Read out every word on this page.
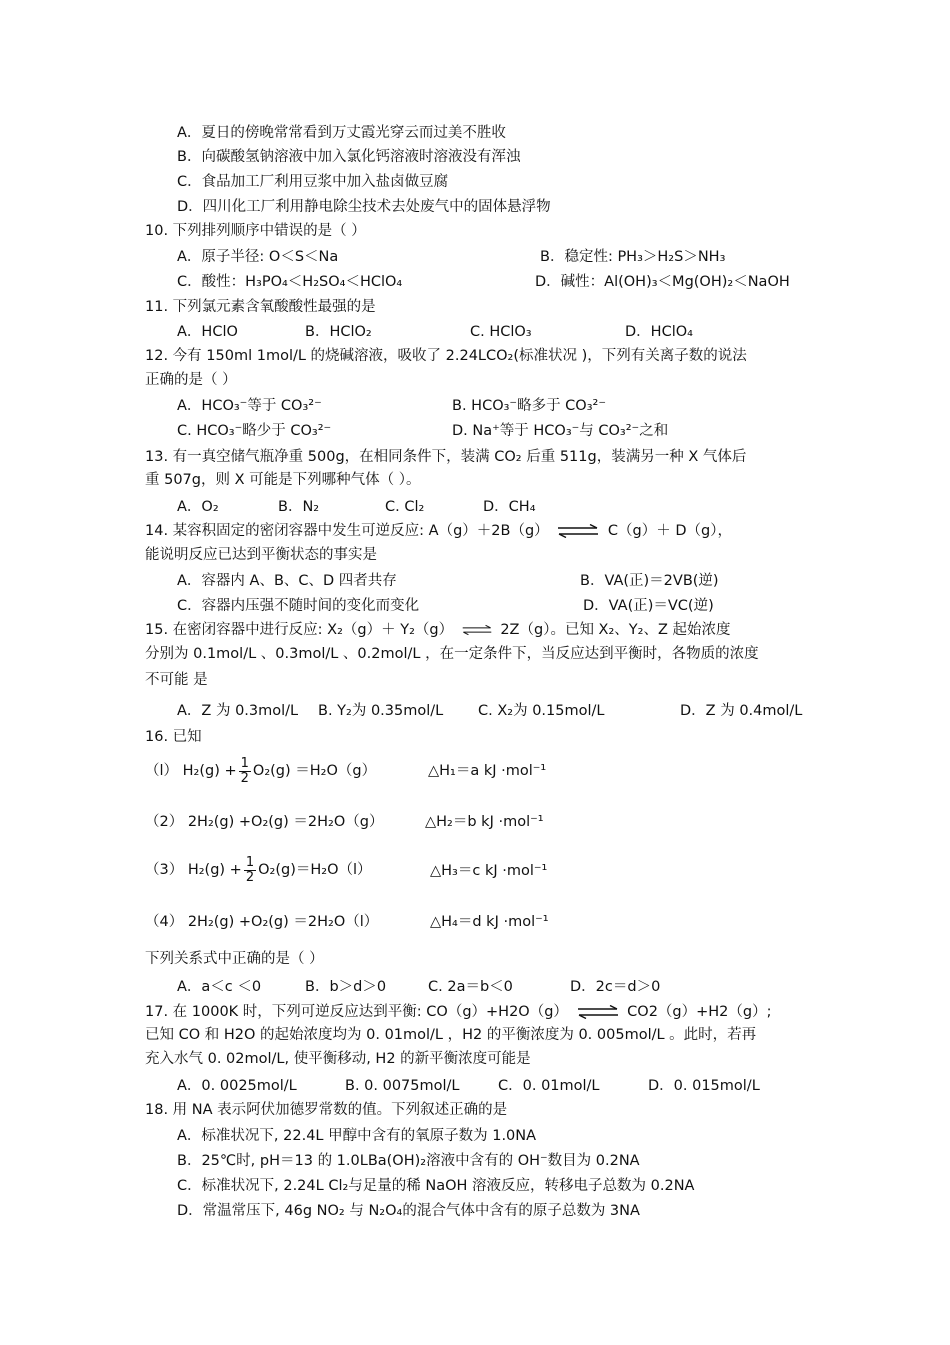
A．夏日的傍晚常常看到万丈霞光穿云而过美不胜收
B．向碳酸氢钠溶液中加入氯化钙溶液时溶液没有浑浊
C．食品加工厂利用豆浆中加入盐卤做豆腐
D．四川化工厂利用静电除尘技术去处废气中的固体悬浮物
10. 下列排列顺序中错误的是（ ）
A．原子半径: O＜S＜Na	B．稳定性: PH₃＞H₂S＞NH₃
C．酸性：H₃PO₄＜H₂SO₄＜HClO₄	D．碱性：Al(OH)₃＜Mg(OH)₂＜NaOH
11. 下列氯元素含氧酸酸性最强的是
A．HClO	B．HClO₂	C. HClO₃	D．HClO₄
12. 今有 150ml 1mol/L 的烧碱溶液，吸收了 2.24LCO₂(标准状况 )，下列有关离子数的说法
正确的是（ ）
A．HCO₃⁻等于 CO₃²⁻	B. HCO₃⁻略多于 CO₃²⁻
C. HCO₃⁻略少于 CO₃²⁻	D. Na⁺等于 HCO₃⁻与 CO₃²⁻之和
13. 有一真空储气瓶净重 500g，在相同条件下，装满 CO₂ 后重 511g，装满另一种 X 气体后
重 507g，则 X 可能是下列哪种气体（ ）。
A．O₂	B．N₂	C. Cl₂	D．CH₄
14. 某容积固定的密闭容器中发生可逆反应: A（g）＋2B（g） ⇌ C（g）＋ D（g），
能说明反应已达到平衡状态的事实是
A．容器内 A、B、C、D 四者共存	B．VA(正)＝2VB(逆)
C．容器内压强不随时间的变化而变化	D．VA(正)＝VC(逆)
15. 在密闭容器中进行反应: X₂（g）＋ Y₂（g） ⇌ 2Z（g）。已知 X₂、Y₂、Z 起始浓度
分别为 0.1mol/L 、0.3mol/L 、0.2mol/L ，在一定条件下，当反应达到平衡时，各物质的浓度
不可能 是
A．Z 为 0.3mol/L B. Y₂为 0.35mol/L C. X₂为 0.15mol/L	D．Z 为 0.4mol/L
16. 已知
（l） $H_2(g) + \frac{1}{2} O_2(g) =H_2O(g)$	△H₁＝a kJ ·mol⁻¹
（2） 2H₂(g) +O₂(g) ＝2H₂O（g）	△H₂＝b kJ ·mol⁻¹
（3） $H_2(g) + \frac{1}{2} O_2(g)=H_2O(l)$	△H₃＝c kJ ·mol⁻¹
（4） 2H₂(g) +O₂(g) ＝2H₂O（l）	△H₄＝d kJ ·mol⁻¹
下列关系式中正确的是（ ）
A．a＜c ＜0	B．b＞d＞0	C. 2a＝b＜0	D．2c＝d＞0
17. 在 1000K 时，下列可逆反应达到平衡: CO（g）+H2O（g） ⇌ CO2（g）+H2（g）;
已知 CO 和 H2O 的起始浓度均为 0. 01mol/L ，H2 的平衡浓度为 0. 005mol/L 。此时，若再
充入水气 0. 02mol/L, 使平衡移动, H2 的新平衡浓度可能是
A．0. 0025mol/L	B. 0. 0075mol/L	C．0. 01mol/L	D．0. 015mol/L
18. 用 NA 表示阿伏加德罗常数的值。下列叙述正确的是
A．标准状况下, 22.4L 甲醇中含有的氧原子数为 1.0NA
B．25℃时, pH＝13 的 1.0LBa(OH)₂溶液中含有的 OH⁻数目为 0.2NA
C．标准状况下, 2.24L Cl₂与足量的稀 NaOH 溶液反应，转移电子总数为 0.2NA
D．常温常压下, 46g NO₂ 与 N₂O₄的混合气体中含有的原子总数为 3NA
